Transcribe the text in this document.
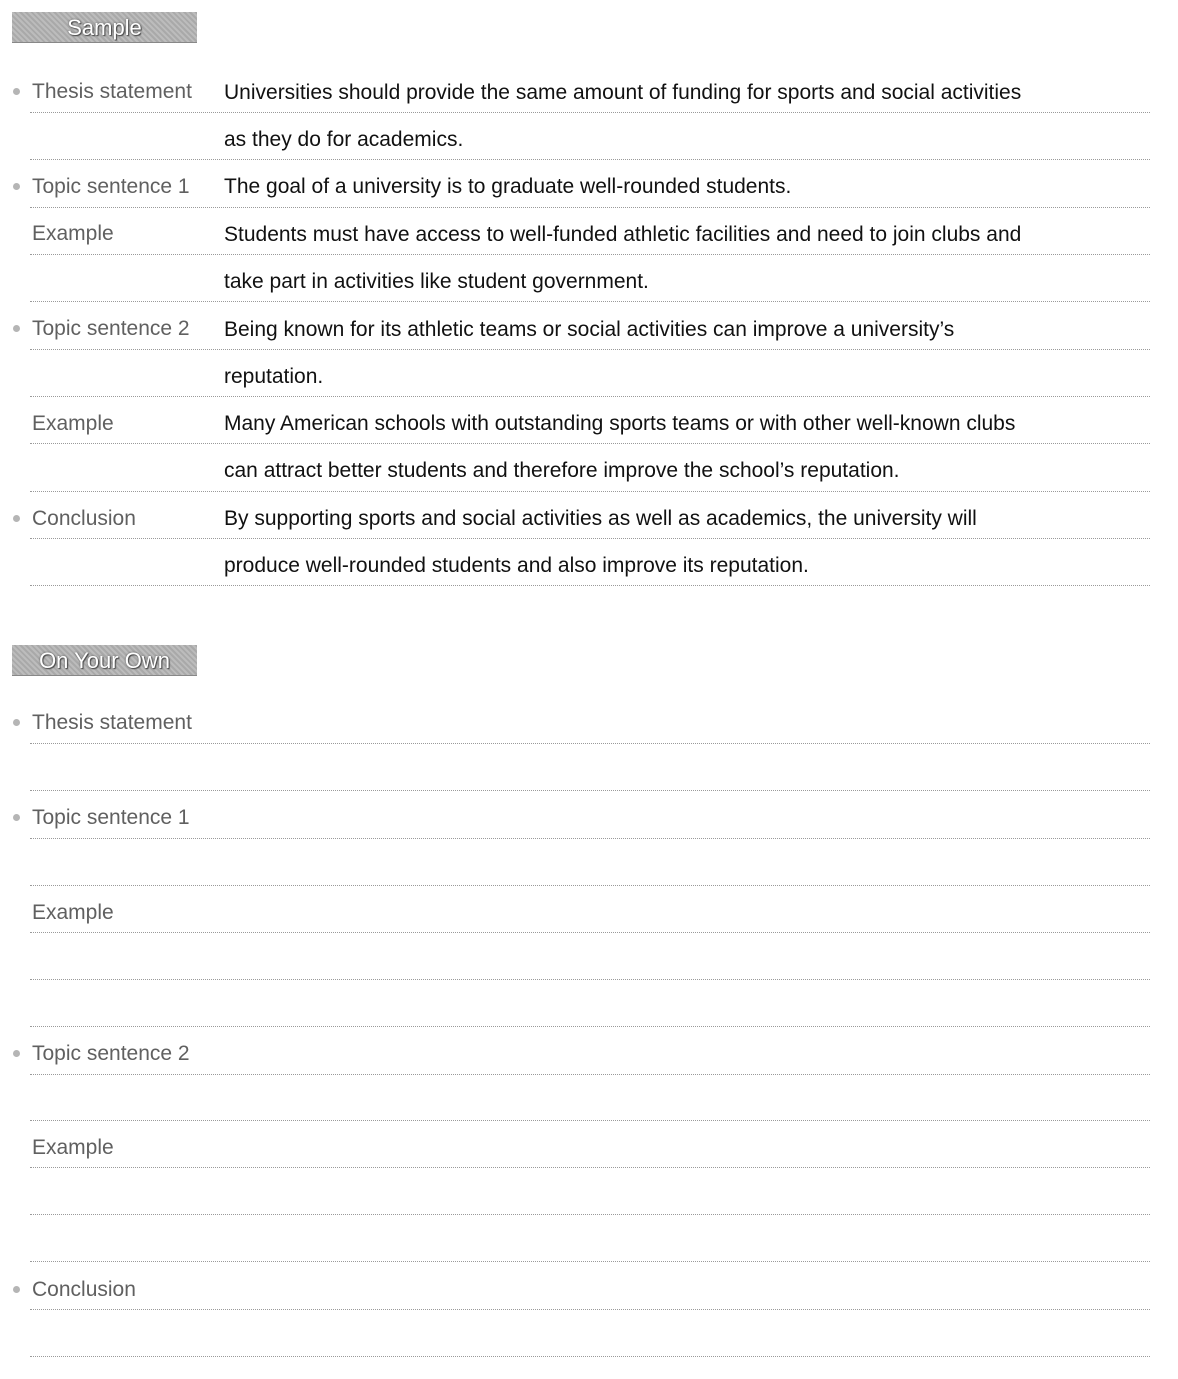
Sample
Thesis statement Universities should provide the same amount of funding for sports and social activities
as they do for academics.
Topic sentence 1 The goal of a university is to graduate well-rounded students.
Example	Students must have access to well-funded athletic facilities and need to join clubs and
take part in activities like student government.
Topic sentence 2 Being known for its athletic teams or social activities can improve a university’s
reputation.
Example	Many American schools with outstanding sports teams or with other well-known clubs
can attract better students and therefore improve the school’s reputation.
Conclusion	By supporting sports and social activities as well as academics, the university will
produce well-rounded students and also improve its reputation.
On Your Own
Thesis statement
Topic sentence 1
Example
Topic sentence 2
Example
Conclusion
